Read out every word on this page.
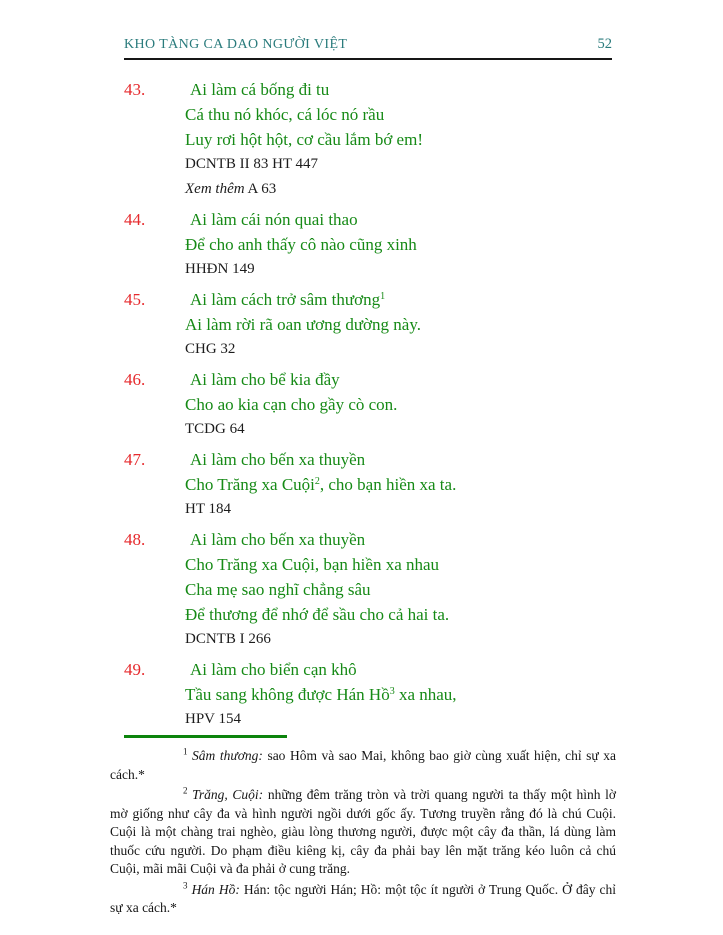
KHO TÀNG CA DAO NGƯỜI VIỆT	52
43.	Ai làm cá bống đi tu

Cá thu nó khóc, cá lóc nó rầu

Luy rơi hột hột, cơ cầu lắm bớ em!

DCNTB II 83 HT 447

Xem thêm A 63

44.	Ai làm cái nón quai thao

Để cho anh thấy cô nào cũng xinh

HHĐN 149

45.	Ai làm cách trở sâm thương$^1$

Ai làm rời rã oan ương dường này.

CHG 32

46.	Ai làm cho bể kia đầy

Cho ao kia cạn cho gầy cò con.

TCDG 64

47.	Ai làm cho bến xa thuyền

Cho Trăng xa Cuội$^2$, cho bạn hiền xa ta.

HT 184

48.	Ai làm cho bến xa thuyền

Cho Trăng xa Cuội, bạn hiền xa nhau

Cha mẹ sao nghĩ chẳng sâu

Để thương để nhớ để sầu cho cả hai ta.

DCNTB I 266

49.	Ai làm cho biển cạn khô

Tầu sang không được Hán Hồ$^3$ xa nhau,

HPV 154

$^1$ Sâm thương: sao Hôm và sao Mai, không bao giờ cùng xuất hiện, chỉ sự xa cách.*

$^2$ Trăng, Cuội: những đêm trăng tròn và trời quang người ta thấy một hình lờ mờ giống như cây đa và hình người ngồi dưới gốc ấy. Tương truyền rằng đó là chú Cuội. Cuội là một chàng trai nghèo, giàu lòng thương người, được một cây đa thần, lá dùng làm thuốc cứu người. Do phạm điều kiêng kị, cây đa phải bay lên mặt trăng kéo luôn cả chú Cuội, mãi mãi Cuội và đa phải ở cung trăng.

$^3$ Hán Hồ: Hán: tộc người Hán; Hồ: một tộc ít người ở Trung Quốc. Ở đây chỉ sự xa cách.*
